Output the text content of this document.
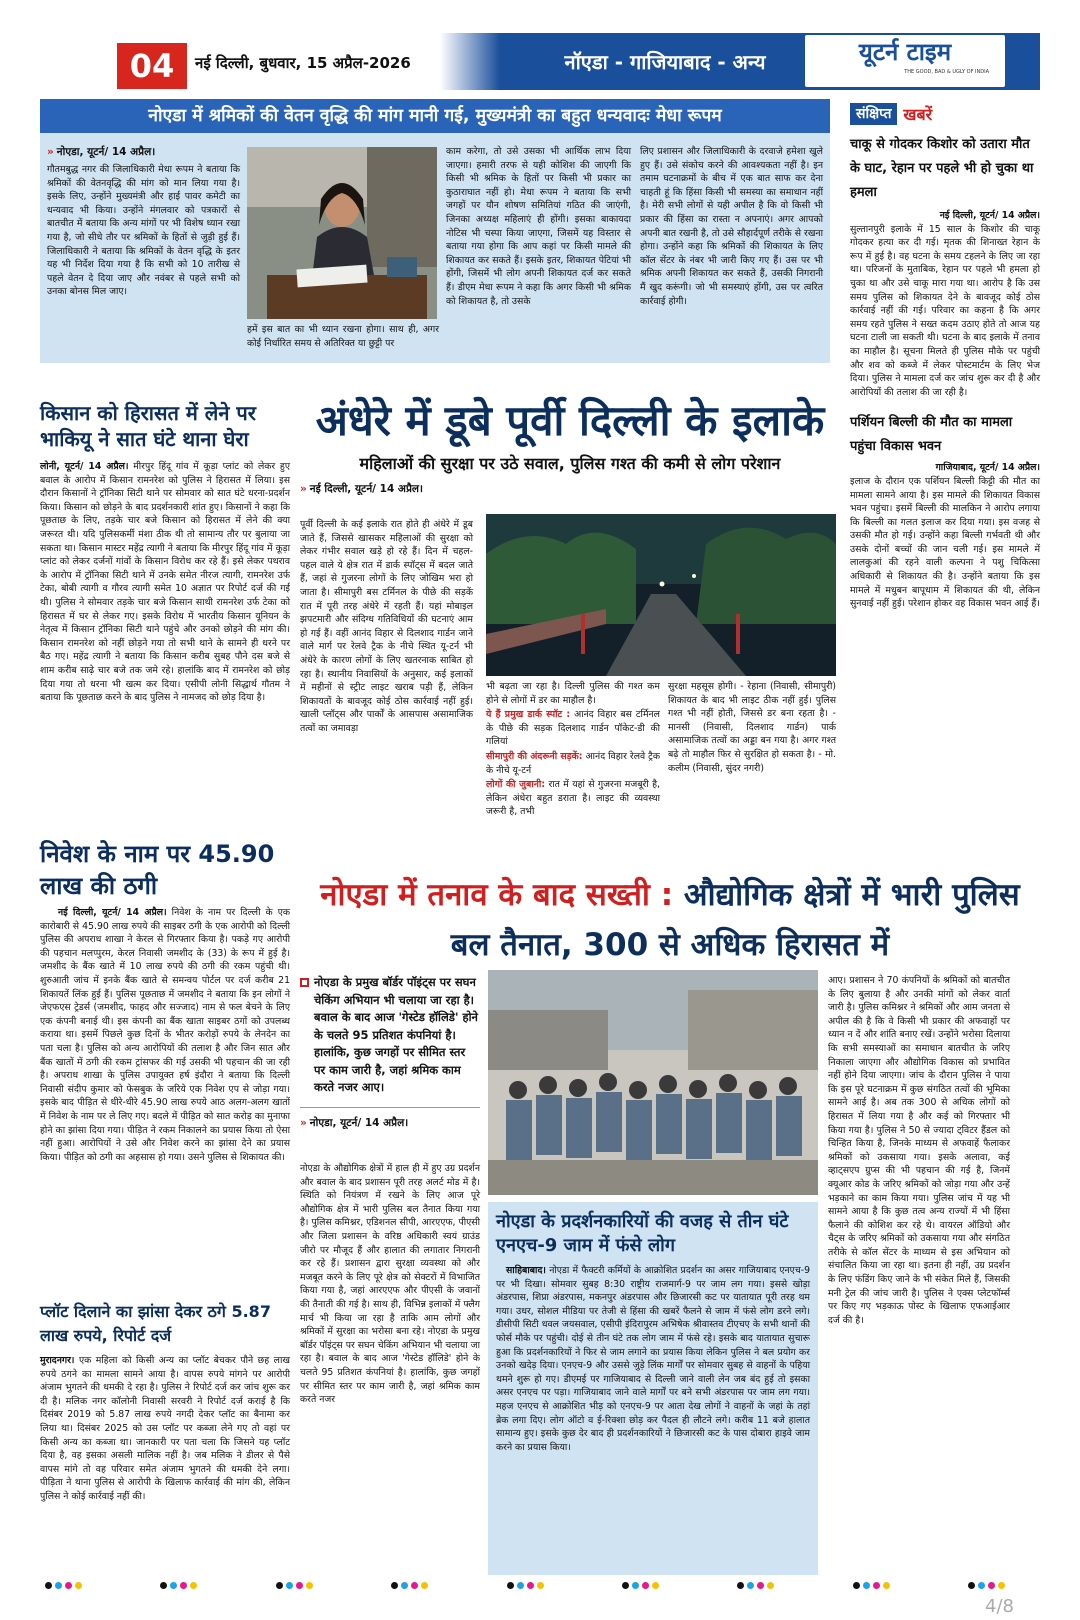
04	नई दिल्ली, बुधवार, 15 अप्रैल-2026	नॉएडा - गाजियाबाद - अन्य	यूटर्न टाइम
THE GOOD, BAD & UGLY OF INDIA
नोएडा में श्रमिकों की वेतन वृद्धि की मांग मानी गई, मुख्यमंत्री का बहुत धन्यवादः मेधा रूपम
» नोएडा, यूटर्न/ 14 अप्रैल।

गौतमबुद्ध नगर की जिलाधिकारी मेधा रूपम ने बताया कि श्रमिकों की वेतनवृद्धि की मांग को मान लिया गया है। इसके लिए, उन्होंने मुख्यमंत्री और हाई पावर कमेटी का धन्यवाद भी किया। उन्होंने मंगलवार को पत्रकारों से बातचीत में बताया कि अन्य मांगों पर भी विशेष ध्यान रखा गया है, जो सीधे तौर पर श्रमिकों के हितों से जुड़ी हुई हैं। जिलाधिकारी ने बताया कि श्रमिकों के वेतन वृद्धि के इतर यह भी निर्देश दिया गया है कि सभी को 10 तारीख से पहले वेतन दे दिया जाए और नवंबर से पहले सभी को उनका बोनस मिल जाए।

हमें इस बात का भी ध्यान रखना होगा। साथ ही, अगर कोई निर्धारित समय से अतिरिक्त या छुट्टी पर

काम करेगा, तो उसे उसका भी आर्थिक लाभ दिया जाएगा। हमारी तरफ से यही कोशिश की जाएगी कि किसी भी श्रमिक के हितों पर किसी भी प्रकार का कुठाराघात नहीं हो। मेधा रूपम ने बताया कि सभी जगहों पर यौन शोषण समितियां गठित की जाएंगी, जिनका अध्यक्ष महिलाएं ही होंगी। इसका बाकायदा नोटिस भी चस्पा किया जाएगा, जिसमें यह विस्तार से बताया गया होगा कि आप कहां पर किसी मामले की शिकायत कर सकते हैं। इसके इतर, शिकायत पेटियां भी होंगी, जिसमें भी लोग अपनी शिकायत दर्ज कर सकते हैं। डीएम मेधा रूपम ने कहा कि अगर किसी भी श्रमिक को शिकायत है, तो उसके

लिए प्रशासन और जिलाधिकारी के दरवाजे हमेशा खुले हुए हैं। उसे संकोच करने की आवश्यकता नहीं है। इन तमाम घटनाक्रमों के बीच में एक बात साफ कर देना चाहती हूं कि हिंसा किसी भी समस्या का समाधान नहीं है। मेरी सभी लोगों से यही अपील है कि वो किसी भी प्रकार की हिंसा का रास्ता न अपनाएं। अगर आपको अपनी बात रखनी है, तो उसे सौहार्दपूर्ण तरीके से रखना होगा। उन्होंने कहा कि श्रमिकों की शिकायत के लिए कॉल सेंटर के नंबर भी जारी किए गए हैं। उस पर भी श्रमिक अपनी शिकायत कर सकते हैं, उसकी निगरानी मैं खुद करूंगी। जो भी समस्याएं होंगी, उस पर त्वरित कार्रवाई होगी।

संक्षिप्त खबरें
चाकू से गोदकर किशोर को उतारा मौत के घाट, रेहान पर पहले भी हो चुका था हमला

नई दिल्ली, यूटर्न/ 14 अप्रैल।
सुल्तानपुरी इलाके में 15 साल के किशोर की चाकू गोदकर हत्या कर दी गई। मृतक की शिनाख्त रेहान के रूप में हुई है। वह घटना के समय टहलने के लिए जा रहा था। परिजनों के मुताबिक, रेहान पर पहले भी हमला हो चुका था और उसे चाकू मारा गया था। आरोप है कि उस समय पुलिस को शिकायत देने के बावजूद कोई ठोस कार्रवाई नहीं की गई। परिवार का कहना है कि अगर समय रहते पुलिस ने सख्त कदम उठाए होते तो आज यह घटना टाली जा सकती थी। घटना के बाद इलाके में तनाव का माहौल है। सूचना मिलते ही पुलिस मौके पर पहुंची और शव को कब्जे में लेकर पोस्टमार्टम के लिए भेज दिया। पुलिस ने मामला दर्ज कर जांच शुरू कर दी है और आरोपियों की तलाश की जा रही है।

पर्शियन बिल्ली की मौत का मामला पहुंचा विकास भवन

गाजियाबाद, यूटर्न/ 14 अप्रैल।
इलाज के दौरान एक पर्शियन बिल्ली किट्टी की मौत का मामला सामने आया है। इस मामले की शिकायत विकास भवन पहुंचा। इसमें बिल्ली की मालकिन ने आरोप लगाया कि बिल्ली का गलत इलाज कर दिया गया। इस वजह से उसकी मौत हो गई। उन्होंने कहा बिल्ली गर्भवती थी और उसके दोनों बच्चों की जान चली गई। इस मामले में लालकुआं की रहने वाली कल्पना ने पशु चिकित्सा अधिकारी से शिकायत की है। उन्होंने बताया कि इस मामले में मधुबन बापूधाम में शिकायत की थी, लेकिन सुनवाई नहीं हुई। परेशान होकर वह विकास भवन आई हैं।

किसान को हिरासत में लेने पर भाकियू ने सात घंटे थाना घेरा

लोनी, यूटर्न/ 14 अप्रैल। मीरपुर हिंदू गांव में कूड़ा प्लांट को लेकर हुए बवाल के आरोप में किसान रामनरेश को पुलिस ने हिरासत में लिया। इस दौरान किसानों ने ट्रॉनिका सिटी थाने पर सोमवार को सात घंटे धरना-प्रदर्शन किया। किसान को छोड़ने के बाद प्रदर्शनकारी शांत हुए। किसानों ने कहा कि पूछताछ के लिए, तड़के चार बजे किसान को हिरासत में लेने की क्या जरूरत थी। यदि पुलिसकर्मी मंशा ठीक थी तो सामान्य तौर पर बुलाया जा सकता था। किसान मास्टर महेंद्र त्यागी ने बताया कि मीरपुर हिंदू गांव में कूड़ा प्लांट को लेकर दर्जनों गांवों के किसान विरोध कर रहे हैं। इसे लेकर पथराव के आरोप में ट्रॉनिका सिटी थाने में उनके समेत नीरज त्यागी, रामनरेश उर्फ टेका, बोबी त्यागी व गौरव त्यागी समेत 10 अज्ञात पर रिपोर्ट दर्ज की गई थी। पुलिस ने सोमवार तड़के चार बजे किसान साथी रामनरेश उर्फ टेका को हिरासत में घर से लेकर गए। इसके विरोध में भारतीय किसान यूनियन के नेतृत्व में किसान ट्रॉनिका सिटी थाने पहुंचे और उनको छोड़ने की मांग की। किसान रामनरेश को नहीं छोड़ने गया तो सभी थाने के सामने ही धरने पर बैठ गए। महेंद्र त्यागी ने बताया कि किसान करीब सुबह पौने दस बजे से शाम करीब साढ़े चार बजे तक जमे रहे। हालांकि बाद में रामनरेश को छोड़ दिया गया तो धरना भी खत्म कर दिया। एसीपी लोनी सिद्धार्थ गौतम ने बताया कि पूछताछ करने के बाद पुलिस ने नामजद को छोड़ दिया है।

निवेश के नाम पर 45.90 लाख की ठगी

नई दिल्ली, यूटर्न/ 14 अप्रैल। निवेश के नाम पर दिल्ली के एक कारोबारी से 45.90 लाख रुपये की साइबर ठगी के एक आरोपी को दिल्ली पुलिस की अपराध शाखा ने केरल से गिरफ्तार किया है। पकड़े गए आरोपी की पहचान मलप्पुरम, केरल निवासी जमशीद के (33) के रूप में हुई है। जमशीद के बैंक खाते में 10 लाख रुपये की ठगी की रकम पहुंची थी। शुरुआती जांच में इनके बैंक खाते से समन्वय पोर्टल पर दर्ज करीब 21 शिकायतें लिंक हुई हैं। पुलिस पूछताछ में जमशीद ने बताया कि इन लोगों ने जेएफएस ट्रेडर्स (जमशीद, फाहद और सज्जाद) नाम से फल बेचने के लिए एक कंपनी बनाई थी। इस कंपनी का बैंक खाता साइबर ठगों को उपलब्ध कराया था। इसमें पिछले कुछ दिनों के भीतर करोड़ों रुपये के लेनदेन का पता चला है। पुलिस को अन्य आरोपियों की तलाश है और जिन सात और बैंक खातों में ठगी की रकम ट्रांसफर की गई उसकी भी पहचान की जा रही है। अपराध शाखा के पुलिस उपायुक्त हर्ष इंदौरा ने बताया कि दिल्ली निवासी संदीप कुमार को फेसबुक के जरिये एक निवेश एप से जोड़ा गया। इसके बाद पीड़ित से धीरे-धीरे 45.90 लाख रुपये आठ अलग-अलग खातों में निवेश के नाम पर ले लिए गए। बदले में पीड़ित को सात करोड़ का मुनाफा होने का झांसा दिया गया। पीड़ित ने रकम निकालने का प्रयास किया तो ऐसा नहीं हुआ। आरोपियों ने उसे और निवेश करने का झांसा देने का प्रयास किया। पीड़ित को ठगी का अहसास हो गया। उसने पुलिस से शिकायत की।

प्लॉट दिलाने का झांसा देकर ठगे 5.87 लाख रुपये, रिपोर्ट दर्ज

मुरादनगर। एक महिला को किसी अन्य का प्लॉट बेचकर पौने छह लाख रुपये ठगने का मामला सामने आया है। वापस रुपये मांगने पर आरोपी अंजाम भुगतने की धमकी दे रहा है। पुलिस ने रिपोर्ट दर्ज कर जांच शुरू कर दी है। मलिक नगर कॉलोनी निवासी सरवरी ने रिपोर्ट दर्ज कराई है कि दिसंबर 2019 को 5.87 लाख रुपये नगदी देकर प्लॉट का बैनामा कर लिया था। दिसंबर 2025 को उस प्लॉट पर कब्जा लेने गए तो वहां पर किसी अन्य का कब्जा था। जानकारी पर पता चला कि जिसने यह प्लॉट दिया है, वह इसका असली मालिक नहीं है। जब मलिक ने डीलर से पैसे वापस मांगे तो वह परिवार समेत अंजाम भुगतने की धमकी देने लगा। पीड़िता ने थाना पुलिस से आरोपी के खिलाफ कार्रवाई की मांग की, लेकिन पुलिस ने कोई कार्रवाई नहीं की।

अंधेरे में डूबे पूर्वी दिल्ली के इलाके
महिलाओं की सुरक्षा पर उठे सवाल, पुलिस गश्त की कमी से लोग परेशान
» नई दिल्ली, यूटर्न/ 14 अप्रैल।

पूर्वी दिल्ली के कई इलाके रात होते ही अंधेरे में डूब जाते हैं, जिससे खासकर महिलाओं की सुरक्षा को लेकर गंभीर सवाल खड़े हो रहे हैं। दिन में चहल-पहल वाले ये क्षेत्र रात में डार्क स्पॉट्स में बदल जाते हैं, जहां से गुजरना लोगों के लिए जोखिम भरा हो जाता है। सीमापुरी बस टर्मिनल के पीछे की सड़कें रात में पूरी तरह अंधेरे में रहती हैं। यहां मोबाइल झपटमारी और संदिग्ध गतिविधियों की घटनाएं आम हो गई हैं। वहीं आनंद विहार से दिलशाद गार्डन जाने वाले मार्ग पर रेलवे ट्रैक के नीचे स्थित यू-टर्न भी अंधेरे के कारण लोगों के लिए खतरनाक साबित हो रहा है। स्थानीय निवासियों के अनुसार, कई इलाकों में महीनों से स्ट्रीट लाइट खराब पड़ी हैं, लेकिन शिकायतों के बावजूद कोई ठोस कार्रवाई नहीं हुई। खाली प्लॉट्स और पार्कों के आसपास असामाजिक तत्वों का जमावड़ा

भी बढ़ता जा रहा है। दिल्ली पुलिस की गश्त कम होने से लोगों में डर का माहौल है।

ये हैं प्रमुख डार्क स्पॉट : आनंद विहार बस टर्मिनल के पीछे की सड़क दिलशाद गार्डन पॉकेट-डी की गलियां

सीमापुरी की अंदरूनी सड़कें: आनंद विहार रेलवे ट्रैक के नीचे यू-टर्न

लोगों की जुबानी: रात में यहां से गुजरना मजबूरी है, लेकिन अंधेरा बहुत डराता है। लाइट की व्यवस्था जरूरी है, तभी

सुरक्षा महसूस होगी। - रेहाना (निवासी, सीमापुरी) शिकायत के बाद भी लाइट ठीक नहीं हुई। पुलिस गश्त भी नहीं होती, जिससे डर बना रहता है। - मानसी (निवासी, दिलशाद गार्डन) पार्क असामाजिक तत्वों का अड्डा बन गया है। अगर गश्त बढ़े तो माहौल फिर से सुरक्षित हो सकता है। - मो. कलीम (निवासी, सुंदर नगरी)

नोएडा में तनाव के बाद सख्ती : औद्योगिक क्षेत्रों में भारी पुलिस बल तैनात, 300 से अधिक हिरासत में
नोएडा के प्रमुख बॉर्डर पॉइंट्स पर सघन चेकिंग अभियान भी चलाया जा रहा है। बवाल के बाद आज 'गेस्टेड हॉलिडे' होने के चलते 95 प्रतिशत कंपनियां है। हालांकि, कुछ जगहों पर सीमित स्तर पर काम जारी है, जहां श्रमिक काम करते नजर आए।
» नोएडा, यूटर्न/ 14 अप्रैल।

नोएडा के औद्योगिक क्षेत्रों में हाल ही में हुए उग्र प्रदर्शन और बवाल के बाद प्रशासन पूरी तरह अलर्ट मोड में है। स्थिति को नियंत्रण में रखने के लिए आज पूरे औद्योगिक क्षेत्र में भारी पुलिस बल तैनात किया गया है। पुलिस कमिश्नर, एडिशनल सीपी, आरएएफ, पीएसी और जिला प्रशासन के वरिष्ठ अधिकारी स्वयं ग्राउंड जीरो पर मौजूद हैं और हालात की लगातार निगरानी कर रहे हैं। प्रशासन द्वारा सुरक्षा व्यवस्था को और मजबूत करने के लिए पूरे क्षेत्र को सेक्टरों में विभाजित किया गया है, जहां आरएएफ और पीएसी के जवानों की तैनाती की गई है। साथ ही, विभिन्न इलाकों में फ्लैग मार्च भी किया जा रहा है ताकि आम लोगों और श्रमिकों में सुरक्षा का भरोसा बना रहे। नोएडा के प्रमुख बॉर्डर पॉइंट्स पर सघन चेकिंग अभियान भी चलाया जा रहा है। बवाल के बाद आज 'गेस्टेड हॉलिडे' होने के चलते 95 प्रतिशत कंपनियां है। हालांकि, कुछ जगहों पर सीमित स्तर पर काम जारी है, जहां श्रमिक काम करते नजर

नोएडा के प्रदर्शनकारियों की वजह से तीन घंटे एनएच-9 जाम में फंसे लोग

साहिबाबाद। नोएडा में फैक्टरी कर्मियों के आक्रोशित प्रदर्शन का असर गाजियाबाद एनएच-9 पर भी दिखा। सोमवार सुबह 8:30 राष्ट्रीय राजमार्ग-9 पर जाम लग गया। इससे खोड़ा अंडरपास, शिप्रा अंडरपास, मकनपुर अंडरपास और छिजारसी कट पर यातायात पूरी तरह थम गया। उधर, सोशल मीडिया पर तेजी से हिंसा की खबरें फैलने से जाम में फंसे लोग डरने लगे। डीसीपी सिटी धवल जयसवाल, एसीपी इंदिरापुरम अभिषेक श्रीवास्तव टीएचए के सभी थानों की फोर्स मौके पर पहुंची। दोई से तीन घंटे तक लोग जाम में फंसे रहे। इसके बाद यातायात सुचारू हुआ कि प्रदर्शनकारियों ने फिर से जाम लगाने का प्रयास किया लेकिन पुलिस ने बल प्रयोग कर उनको खदेड़ दिया। एनएच-9 और उससे जुड़े लिंक मार्गों पर सोमवार सुबह से वाहनों के पहिया थमने शुरू हो गए। डीएमई पर गाजियाबाद से दिल्ली जाने वाली लेन जब बंद हुई तो इसका असर एनएच पर पड़ा। गाजियाबाद जाने वाले मार्गों पर बने सभी अंडरपास पर जाम लग गया। महज एनएच से आक्रोशित भीड़ को एनएच-9 पर आता देख लोगों ने वाहनों के जहां के तहां ब्रेक लगा दिए। लोग ऑटो व ई-रिक्शा छोड़ कर पैदल ही लौटने लगे। करीब 11 बजे हालात सामान्य हुए। इसके कुछ देर बाद ही प्रदर्शनकारियों ने छिजारसी कट के पास दोबारा हाइवे जाम करने का प्रयास किया।

आए। प्रशासन ने 70 कंपनियों के श्रमिकों को बातचीत के लिए बुलाया है और उनकी मांगों को लेकर वार्ता जारी है। पुलिस कमिश्नर ने श्रमिकों और आम जनता से अपील की है कि वे किसी भी प्रकार की अफवाहों पर ध्यान न दें और शांति बनाए रखें। उन्होंने भरोसा दिलाया कि सभी समस्याओं का समाधान बातचीत के जरिए निकाला जाएगा और औद्योगिक विकास को प्रभावित नहीं होने दिया जाएगा। जांच के दौरान पुलिस ने पाया कि इस पूरे घटनाक्रम में कुछ संगठित तत्वों की भूमिका सामने आई है। अब तक 300 से अधिक लोगों को हिरासत में लिया गया है और कई को गिरफ्तार भी किया गया है। पुलिस ने 50 से ज्यादा ट्विटर हैंडल को चिन्हित किया है, जिनके माध्यम से अफवाहें फैलाकर श्रमिकों को उकसाया गया। इसके अलावा, कई व्हाट्सएप ग्रुप्स की भी पहचान की गई है, जिनमें क्यूआर कोड के जरिए श्रमिकों को जोड़ा गया और उन्हें भड़काने का काम किया गया। पुलिस जांच में यह भी सामने आया है कि कुछ तत्व अन्य राज्यों में भी हिंसा फैलाने की कोशिश कर रहे थे। वायरल ऑडियो और चैट्स के जरिए श्रमिकों को उकसाया गया और संगठित तरीके से कॉल सेंटर के माध्यम से इस अभियान को संचालित किया जा रहा था। इतना ही नहीं, उग्र प्रदर्शन के लिए फंडिंग किए जाने के भी संकेत मिले हैं, जिसकी मनी ट्रेल की जांच जारी है। पुलिस ने एक्स प्लेटफॉर्म्स पर किए गए भड़काऊ पोस्ट के खिलाफ एफआईआर दर्ज की है।

4/8
